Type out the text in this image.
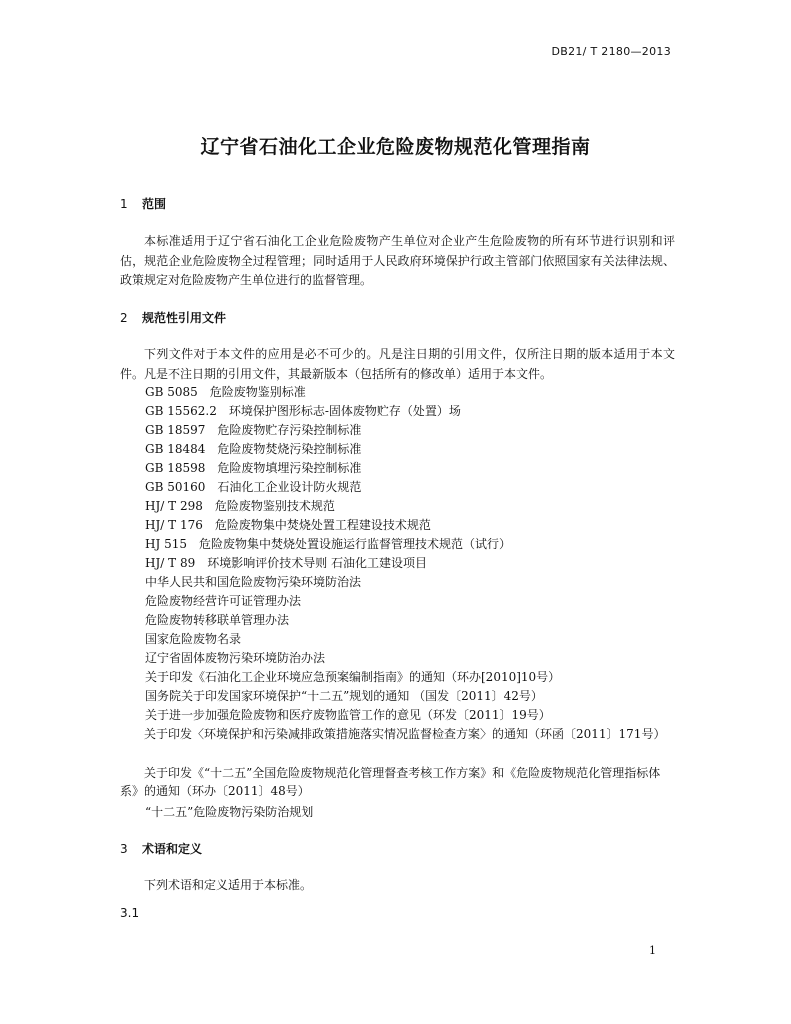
DB21/ T 2180—2013
辽宁省石油化工企业危险废物规范化管理指南
1 范围
本标准适用于辽宁省石油化工企业危险废物产生单位对企业产生危险废物的所有环节进行识别和评估，规范企业危险废物全过程管理；同时适用于人民政府环境保护行政主管部门依照国家有关法律法规、政策规定对危险废物产生单位进行的监督管理。
2 规范性引用文件
下列文件对于本文件的应用是必不可少的。凡是注日期的引用文件，仅所注日期的版本适用于本文件。凡是不注日期的引用文件，其最新版本（包括所有的修改单）适用于本文件。
GB 5085　危险废物鉴别标准
GB 15562.2　环境保护图形标志-固体废物贮存（处置）场
GB 18597　危险废物贮存污染控制标准
GB 18484　危险废物焚烧污染控制标准
GB 18598　危险废物填埋污染控制标准
GB 50160　石油化工企业设计防火规范
HJ/ T 298　危险废物鉴别技术规范
HJ/ T 176　危险废物集中焚烧处置工程建设技术规范
HJ 515　危险废物集中焚烧处置设施运行监督管理技术规范（试行）
HJ/ T 89　环境影响评价技术导则 石油化工建设项目
中华人民共和国危险废物污染环境防治法
危险废物经营许可证管理办法
危险废物转移联单管理办法
国家危险废物名录
辽宁省固体废物污染环境防治办法
关于印发《石油化工企业环境应急预案编制指南》的通知（环办[2010]10号）
国务院关于印发国家环境保护“十二五”规划的通知 （国发〔2011〕42号）
关于进一步加强危险废物和医疗废物监管工作的意见（环发〔2011〕19号）
关于印发〈环境保护和污染减排政策措施落实情况监督检查方案〉的通知（环函〔2011〕171号）
关于印发《“十二五”全国危险废物规范化管理督查考核工作方案》和《危险废物规范化管理指标体系》的通知（环办〔2011〕48号）
“十二五”危险废物污染防治规划
3 术语和定义
下列术语和定义适用于本标准。
3.1
1
